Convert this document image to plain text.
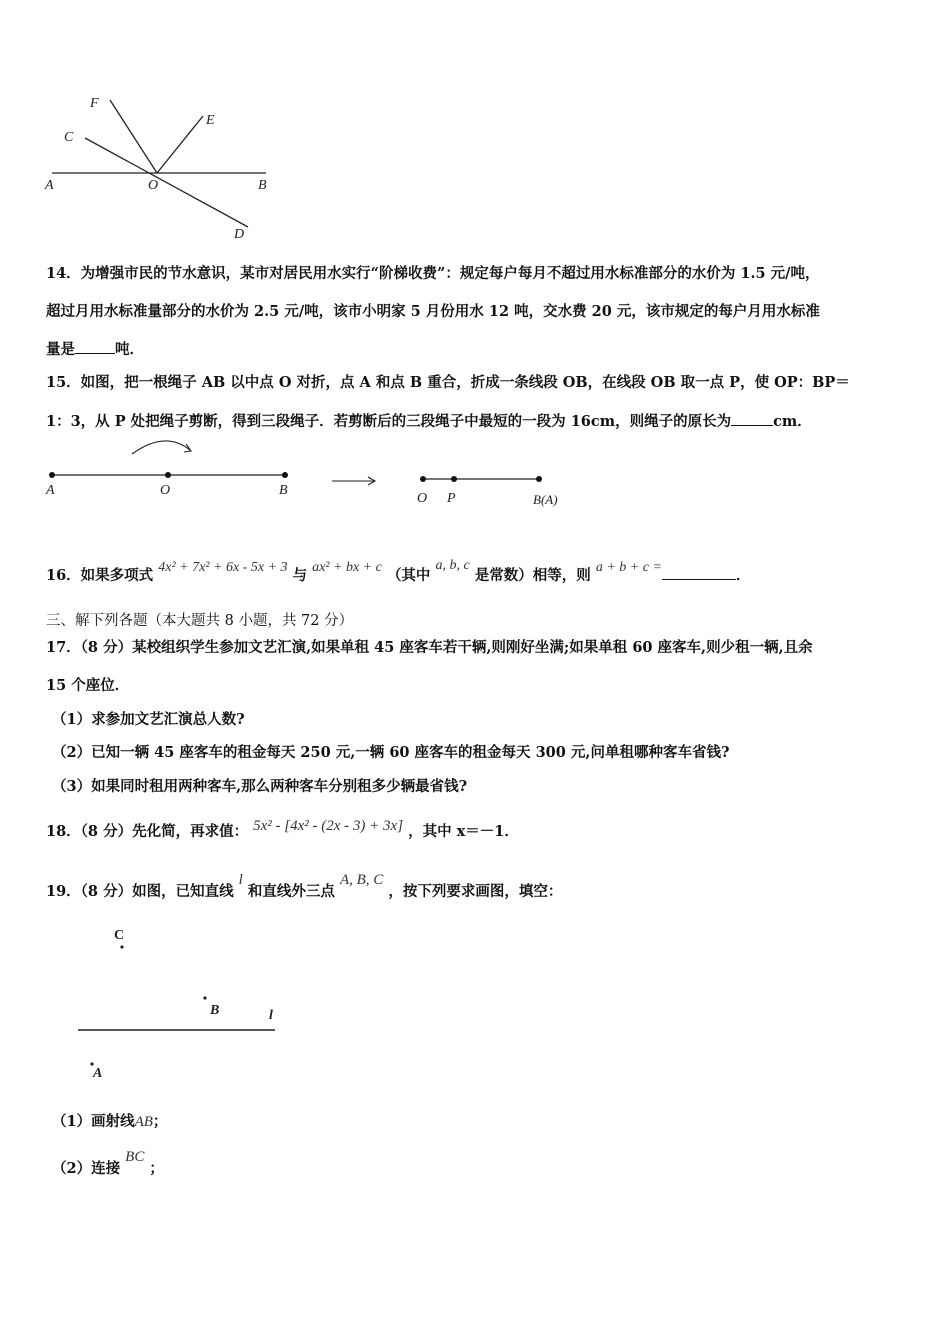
F
E
C
A	O	B
D
14．为增强市民的节水意识，某市对居民用水实行“阶梯收费”：规定每户每月不超过用水标准部分的水价为 1.5 元/吨，
超过月用水标准量部分的水价为 2.5 元/吨，该市小明家 5 月份用水 12 吨，交水费 20 元，该市规定的每户月用水标准
量是	吨．
15．如图，把一根绳子 AB 以中点 O 对折，点 A 和点 B 重合，折成一条线段 OB，在线段 OB 取一点 P，使 OP：BP＝
1：3，从 P 处把绳子剪断，得到三段绳子．若剪断后的三段绳子中最短的一段为 16cm，则绳子的原长为	cm．
A	O	B
O P	B(A)
16．如果多项式 4x² + 7x² + 6x - 5x + 3 与 ax² + bx + c （其中 a, b, c 是常数）相等，则 a + b + c =	．
三、解下列各题（本大题共 8 小题，共 72 分）
17．（8 分）某校组织学生参加文艺汇演,如果单租 45 座客车若干辆,则刚好坐满;如果单租 60 座客车,则少租一辆,且余
15 个座位．
（1）求参加文艺汇演总人数?
（2）已知一辆 45 座客车的租金每天 250 元,一辆 60 座客车的租金每天 300 元,问单租哪种客车省钱?
（3）如果同时租用两种客车,那么两种客车分别租多少辆最省钱?
18．（8 分）先化简，再求值： 5x² - [4x² - (2x - 3) + 3x] ，其中 x＝－1．
19．（8 分）如图，已知直线 l 和直线外三点 A, B, C ，按下列要求画图，填空：
C
B	l
A
（1）画射线AB；
（2）连接 BC ；
